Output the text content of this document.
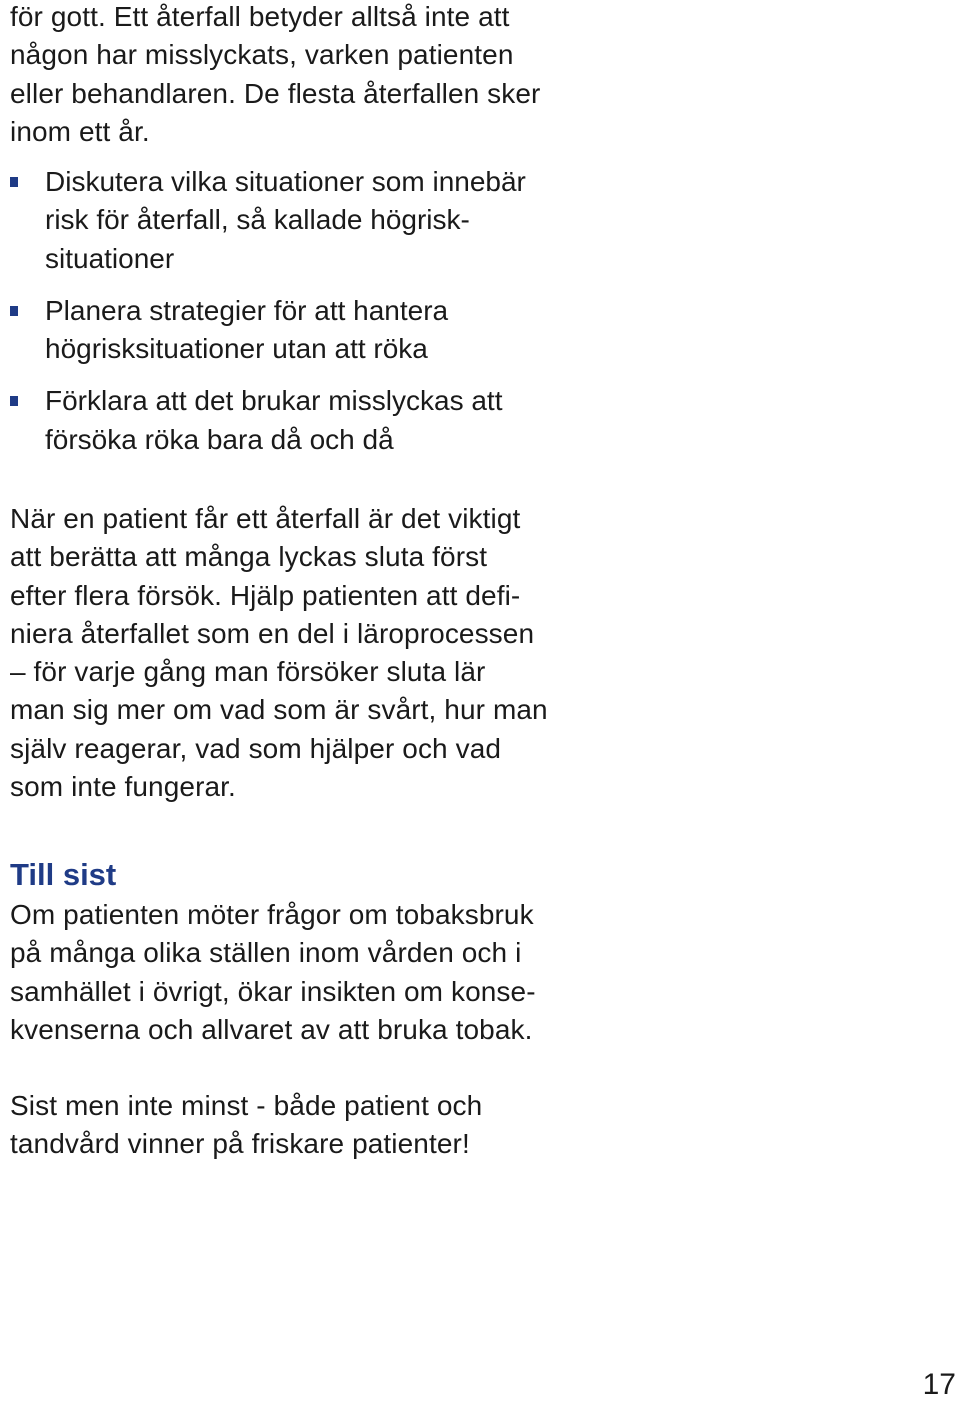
för gott. Ett återfall betyder alltså inte att
någon har misslyckats, varken patienten
eller behandlaren. De flesta återfallen sker
inom ett år.
Diskutera vilka situationer som innebär
risk för återfall, så kallade högrisk-
situationer
Planera strategier för att hantera
högrisksituationer utan att röka
Förklara att det brukar misslyckas att
försöka röka bara då och då
När en patient får ett återfall är det viktigt
att berätta att många lyckas sluta först
efter flera försök. Hjälp patienten att defi-
niera återfallet som en del i läroprocessen
– för varje gång man försöker sluta lär
man sig mer om vad som är svårt, hur man
själv reagerar, vad som hjälper och vad
som inte fungerar.
Till sist
Om patienten möter frågor om tobaksbruk
på många olika ställen inom vården och i
samhället i övrigt, ökar insikten om konse-
kvenserna och allvaret av att bruka tobak.
Sist men inte minst - både patient och
tandvård vinner på friskare patienter!
17
